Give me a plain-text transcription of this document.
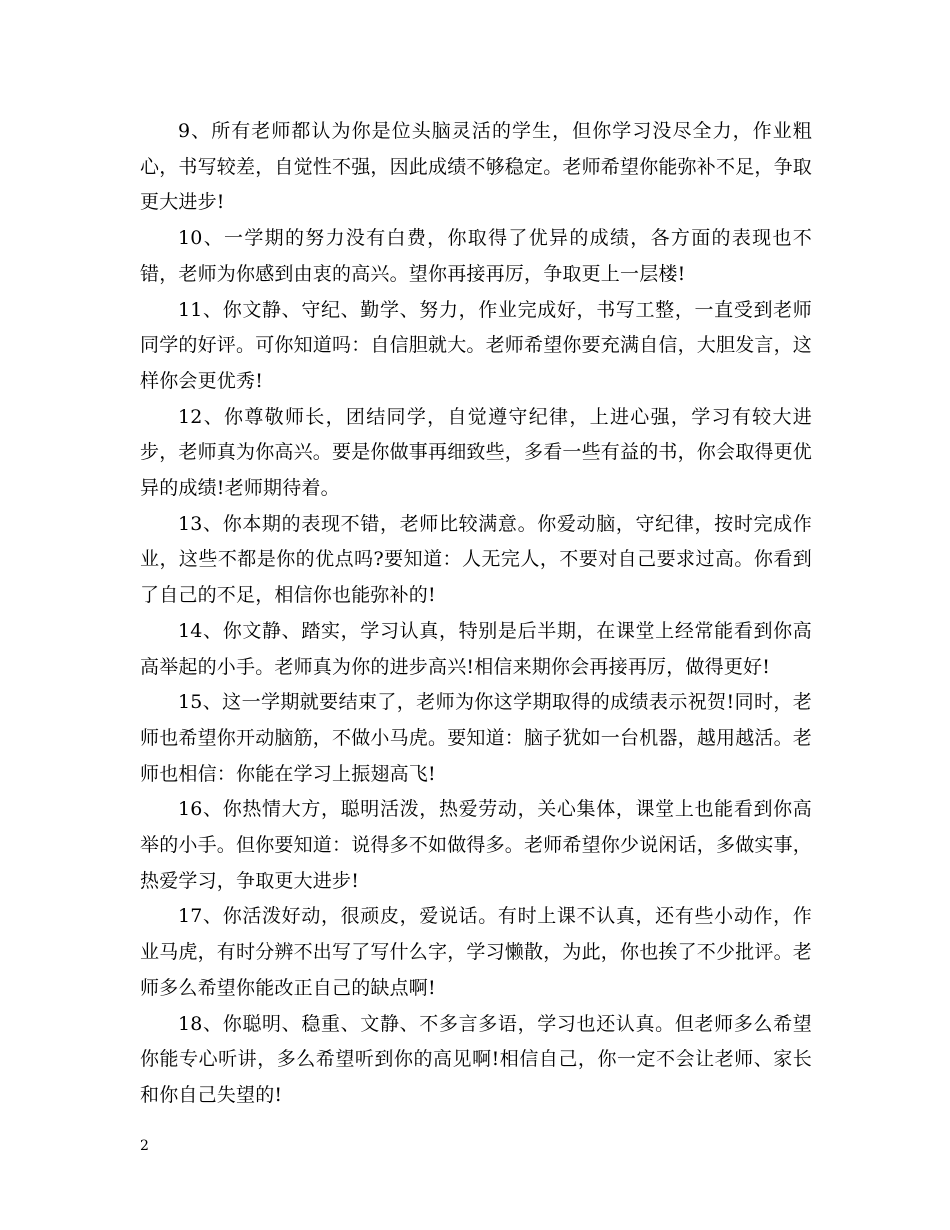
9、所有老师都认为你是位头脑灵活的学生，但你学习没尽全力，作业粗心，书写较差，自觉性不强，因此成绩不够稳定。老师希望你能弥补不足，争取更大进步!

10、一学期的努力没有白费，你取得了优异的成绩，各方面的表现也不错，老师为你感到由衷的高兴。望你再接再厉，争取更上一层楼!

11、你文静、守纪、勤学、努力，作业完成好，书写工整，一直受到老师同学的好评。可你知道吗：自信胆就大。老师希望你要充满自信，大胆发言，这样你会更优秀!

12、你尊敬师长，团结同学，自觉遵守纪律，上进心强，学习有较大进步，老师真为你高兴。要是你做事再细致些，多看一些有益的书，你会取得更优异的成绩!老师期待着。

13、你本期的表现不错，老师比较满意。你爱动脑，守纪律，按时完成作业，这些不都是你的优点吗?要知道：人无完人，不要对自己要求过高。你看到了自己的不足，相信你也能弥补的!

14、你文静、踏实，学习认真，特别是后半期，在课堂上经常能看到你高高举起的小手。老师真为你的进步高兴!相信来期你会再接再厉，做得更好!

15、这一学期就要结束了，老师为你这学期取得的成绩表示祝贺!同时，老师也希望你开动脑筋，不做小马虎。要知道：脑子犹如一台机器，越用越活。老师也相信：你能在学习上振翅高飞!

16、你热情大方，聪明活泼，热爱劳动，关心集体，课堂上也能看到你高举的小手。但你要知道：说得多不如做得多。老师希望你少说闲话，多做实事，热爱学习，争取更大进步!

17、你活泼好动，很顽皮，爱说话。有时上课不认真，还有些小动作，作业马虎，有时分辨不出写了写什么字，学习懒散，为此，你也挨了不少批评。老师多么希望你能改正自己的缺点啊!

18、你聪明、稳重、文静、不多言多语，学习也还认真。但老师多么希望你能专心听讲，多么希望听到你的高见啊!相信自己，你一定不会让老师、家长和你自己失望的!

2
